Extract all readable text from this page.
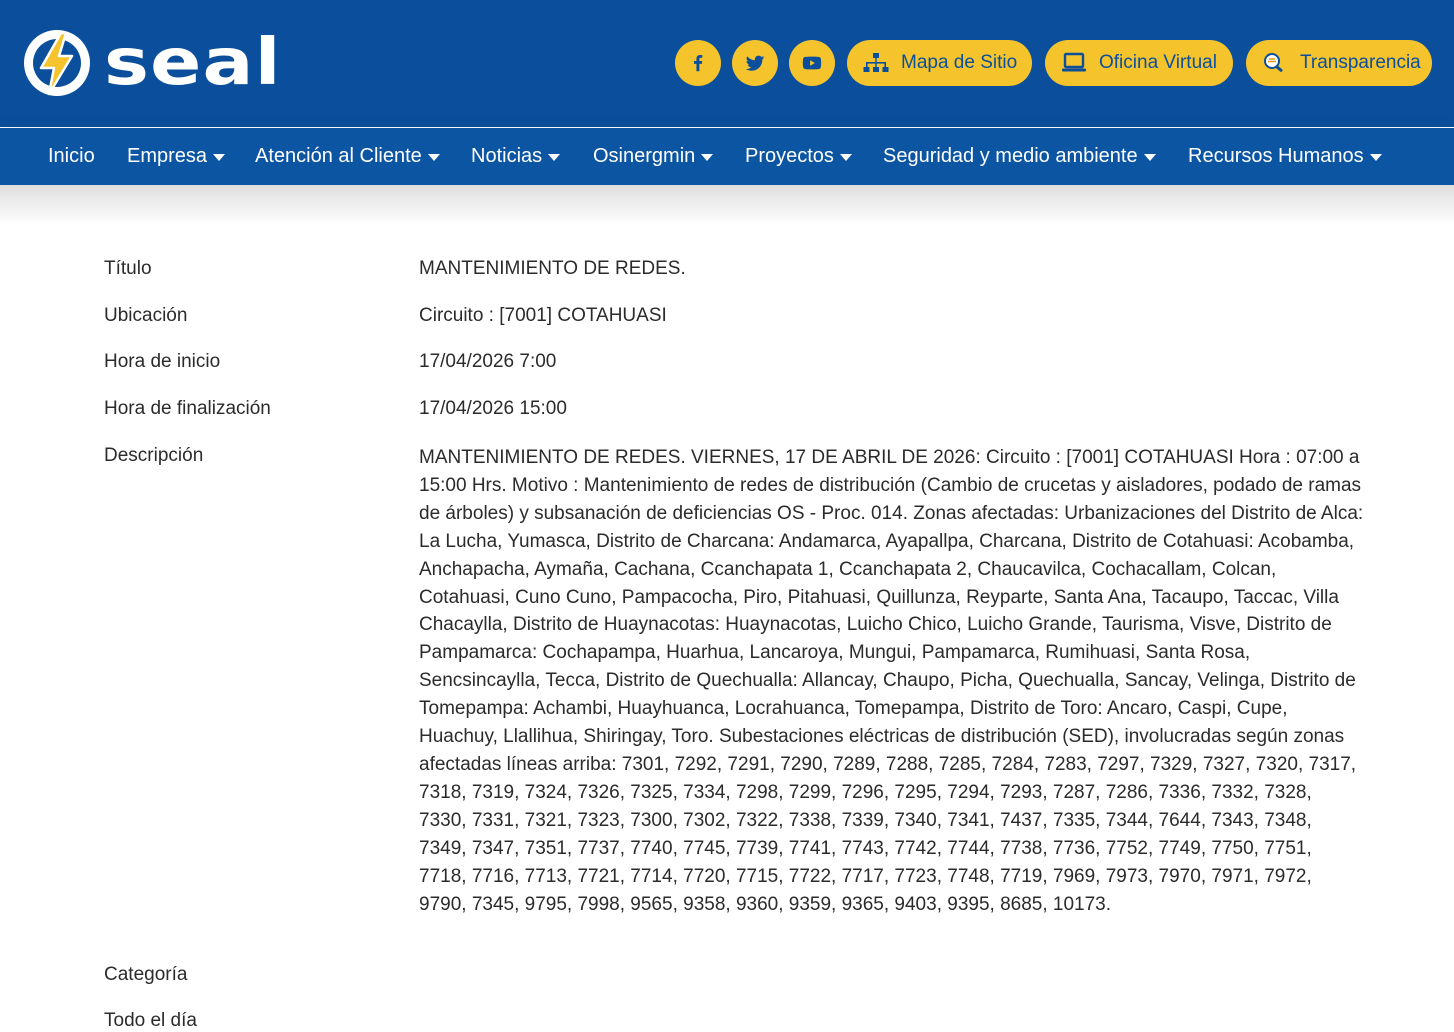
seal	Mapa de Sitio	Oficina Virtual	Transparencia
Inicio Empresa Atención al Cliente Noticias	Osinergmin Proyectos Seguridad y medio ambiente	Recursos Humanos
Título	MANTENIMIENTO DE REDES.
Ubicación	Circuito : [7001] COTAHUASI
Hora de inicio	17/04/2026 7:00
Hora de finalización	17/04/2026 15:00
Descripción	MANTENIMIENTO DE REDES. VIERNES, 17 DE ABRIL DE 2026: Circuito : [7001] COTAHUASI Hora : 07:00 a 15:00 Hrs. Motivo : Mantenimiento de redes de distribución (Cambio de crucetas y aisladores, podado de ramas de árboles) y subsanación de deficiencias OS - Proc. 014. Zonas afectadas: Urbanizaciones del Distrito de Alca: La Lucha, Yumasca, Distrito de Charcana: Andamarca, Ayapallpa, Charcana, Distrito de Cotahuasi: Acobamba, Anchapacha, Aymaña, Cachana, Ccanchapata 1, Ccanchapata 2, Chaucavilca, Cochacallam, Colcan, Cotahuasi, Cuno Cuno, Pampacocha, Piro, Pitahuasi, Quillunza, Reyparte, Santa Ana, Tacaupo, Taccac, Villa Chacaylla, Distrito de Huaynacotas: Huaynacotas, Luicho Chico, Luicho Grande, Taurisma, Visve, Distrito de Pampamarca: Cochapampa, Huarhua, Lancaroya, Mungui, Pampamarca, Rumihuasi, Santa Rosa, Sencsincaylla, Tecca, Distrito de Quechualla: Allancay, Chaupo, Picha, Quechualla, Sancay, Velinga, Distrito de Tomepampa: Achambi, Huayhuanca, Locrahuanca, Tomepampa, Distrito de Toro: Ancaro, Caspi, Cupe, Huachuy, Llallihua, Shiringay, Toro. Subestaciones eléctricas de distribución (SED), involucradas según zonas afectadas líneas arriba: 7301, 7292, 7291, 7290, 7289, 7288, 7285, 7284, 7283, 7297, 7329, 7327, 7320, 7317, 7318, 7319, 7324, 7326, 7325, 7334, 7298, 7299, 7296, 7295, 7294, 7293, 7287, 7286, 7336, 7332, 7328, 7330, 7331, 7321, 7323, 7300, 7302, 7322, 7338, 7339, 7340, 7341, 7437, 7335, 7344, 7644, 7343, 7348, 7349, 7347, 7351, 7737, 7740, 7745, 7739, 7741, 7743, 7742, 7744, 7738, 7736, 7752, 7749, 7750, 7751, 7718, 7716, 7713, 7721, 7714, 7720, 7715, 7722, 7717, 7723, 7748, 7719, 7969, 7973, 7970, 7971, 7972, 9790, 7345, 9795, 7998, 9565, 9358, 9360, 9359, 9365, 9403, 9395, 8685, 10173.
Categoría
Todo el día
